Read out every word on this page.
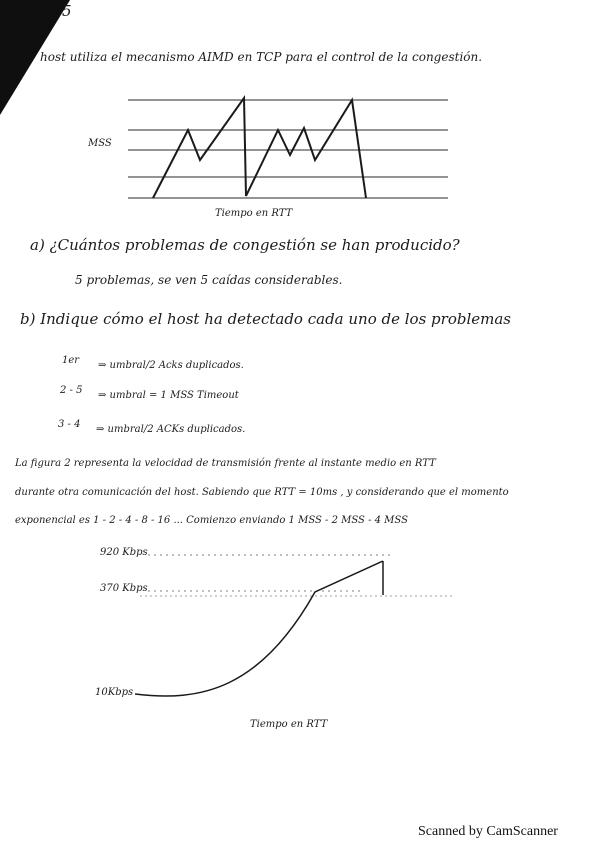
5
host utiliza el mecanismo AIMD en TCP para el control de la congestión.
MSS
Tiempo en RTT
a) ¿Cuántos problemas de congestión se han producido?
5 problemas, se ven 5 caídas considerables.
b) Indique cómo el host ha detectado cada uno de los problemas
1er ⇒ umbral/2 Acks duplicados.
2 - 5 ⇒ umbral = 1 MSS Timeout
3 - 4 ⇒ umbral/2 ACKs duplicados.
La figura 2 representa la velocidad de transmisión frente al instante medio en RTT
durante otra comunicación del host. Sabiendo que RTT = 10ms , y considerando que el momento
exponencial es 1 - 2 - 4 - 8 - 16 ... Comienzo enviando 1 MSS - 2 MSS - 4 MSS
920 Kbps
370 Kbps
10Kbps
Tiempo en RTT
Scanned by CamScanner
